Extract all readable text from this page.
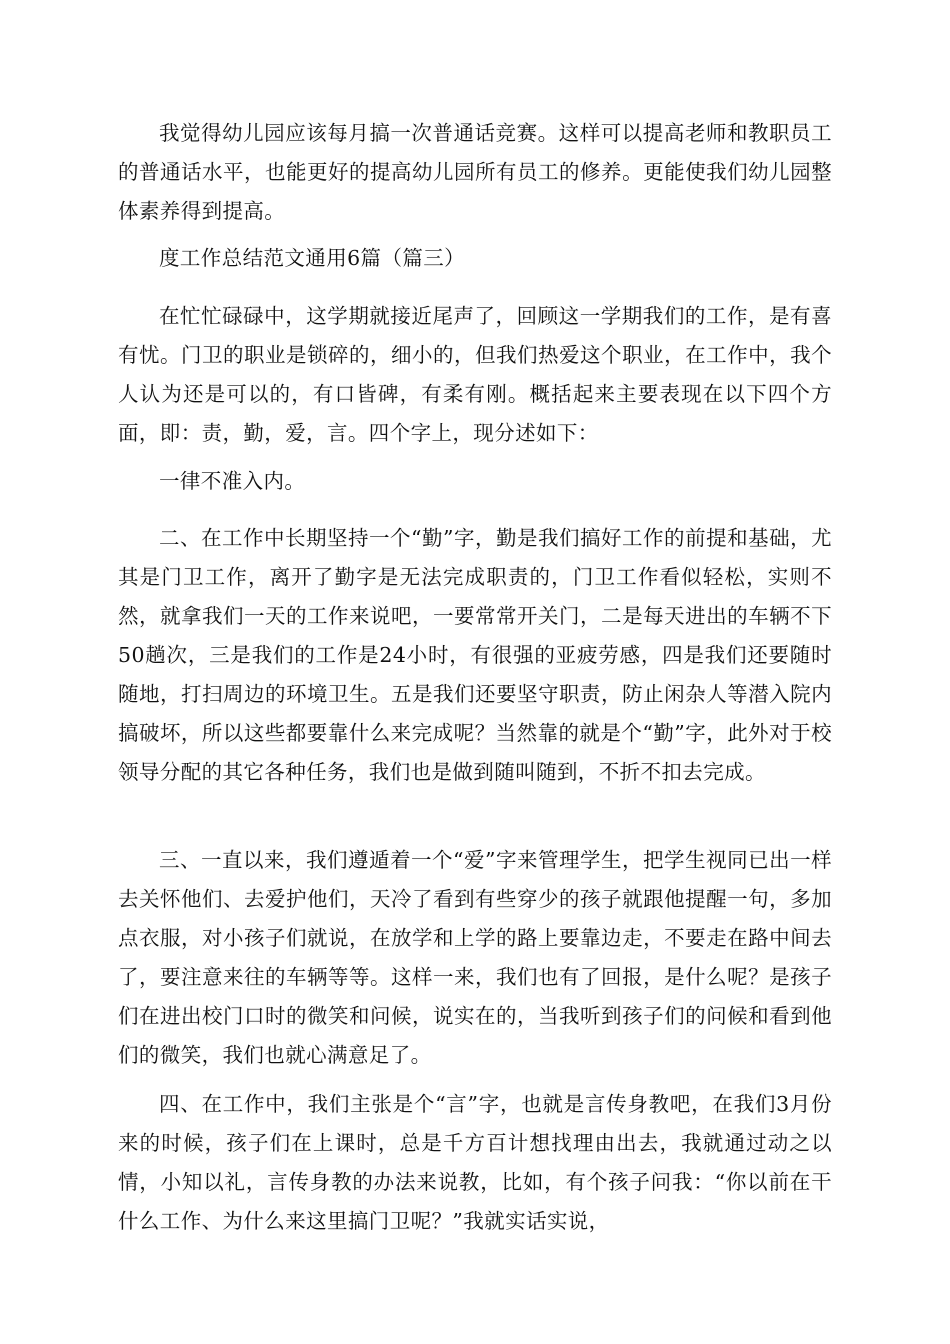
我觉得幼儿园应该每月搞一次普通话竞赛。这样可以提高老师和教职员工的普通话水平，也能更好的提高幼儿园所有员工的修养。更能使我们幼儿园整体素养得到提高。

度工作总结范文通用6篇（篇三）

在忙忙碌碌中，这学期就接近尾声了，回顾这一学期我们的工作，是有喜有忧。门卫的职业是锁碎的，细小的，但我们热爱这个职业，在工作中，我个人认为还是可以的，有口皆碑，有柔有刚。概括起来主要表现在以下四个方面，即：责，勤，爱，言。四个字上，现分述如下：

一律不准入内。

二、在工作中长期坚持一个“勤”字，勤是我们搞好工作的前提和基础，尤其是门卫工作，离开了勤字是无法完成职责的，门卫工作看似轻松，实则不然，就拿我们一天的工作来说吧，一要常常开关门，二是每天进出的车辆不下50趟次，三是我们的工作是24小时，有很强的亚疲劳感，四是我们还要随时随地，打扫周边的环境卫生。五是我们还要坚守职责，防止闲杂人等潜入院内搞破坏，所以这些都要靠什么来完成呢？当然靠的就是个“勤”字，此外对于校领导分配的其它各种任务，我们也是做到随叫随到，不折不扣去完成。

三、一直以来，我们遵遁着一个“爱”字来管理学生，把学生视同已出一样去关怀他们、去爱护他们，天冷了看到有些穿少的孩子就跟他提醒一句，多加点衣服，对小孩子们就说，在放学和上学的路上要靠边走，不要走在路中间去了，要注意来往的车辆等等。这样一来，我们也有了回报，是什么呢？是孩子们在进出校门口时的微笑和问候，说实在的，当我听到孩子们的问候和看到他们的微笑，我们也就心满意足了。

四、在工作中，我们主张是个“言”字，也就是言传身教吧，在我们3月份来的时候，孩子们在上课时，总是千方百计想找理由出去，我就通过动之以情，小知以礼，言传身教的办法来说教，比如，有个孩子问我：“你以前在干什么工作、为什么来这里搞门卫呢？”我就实话实说，
